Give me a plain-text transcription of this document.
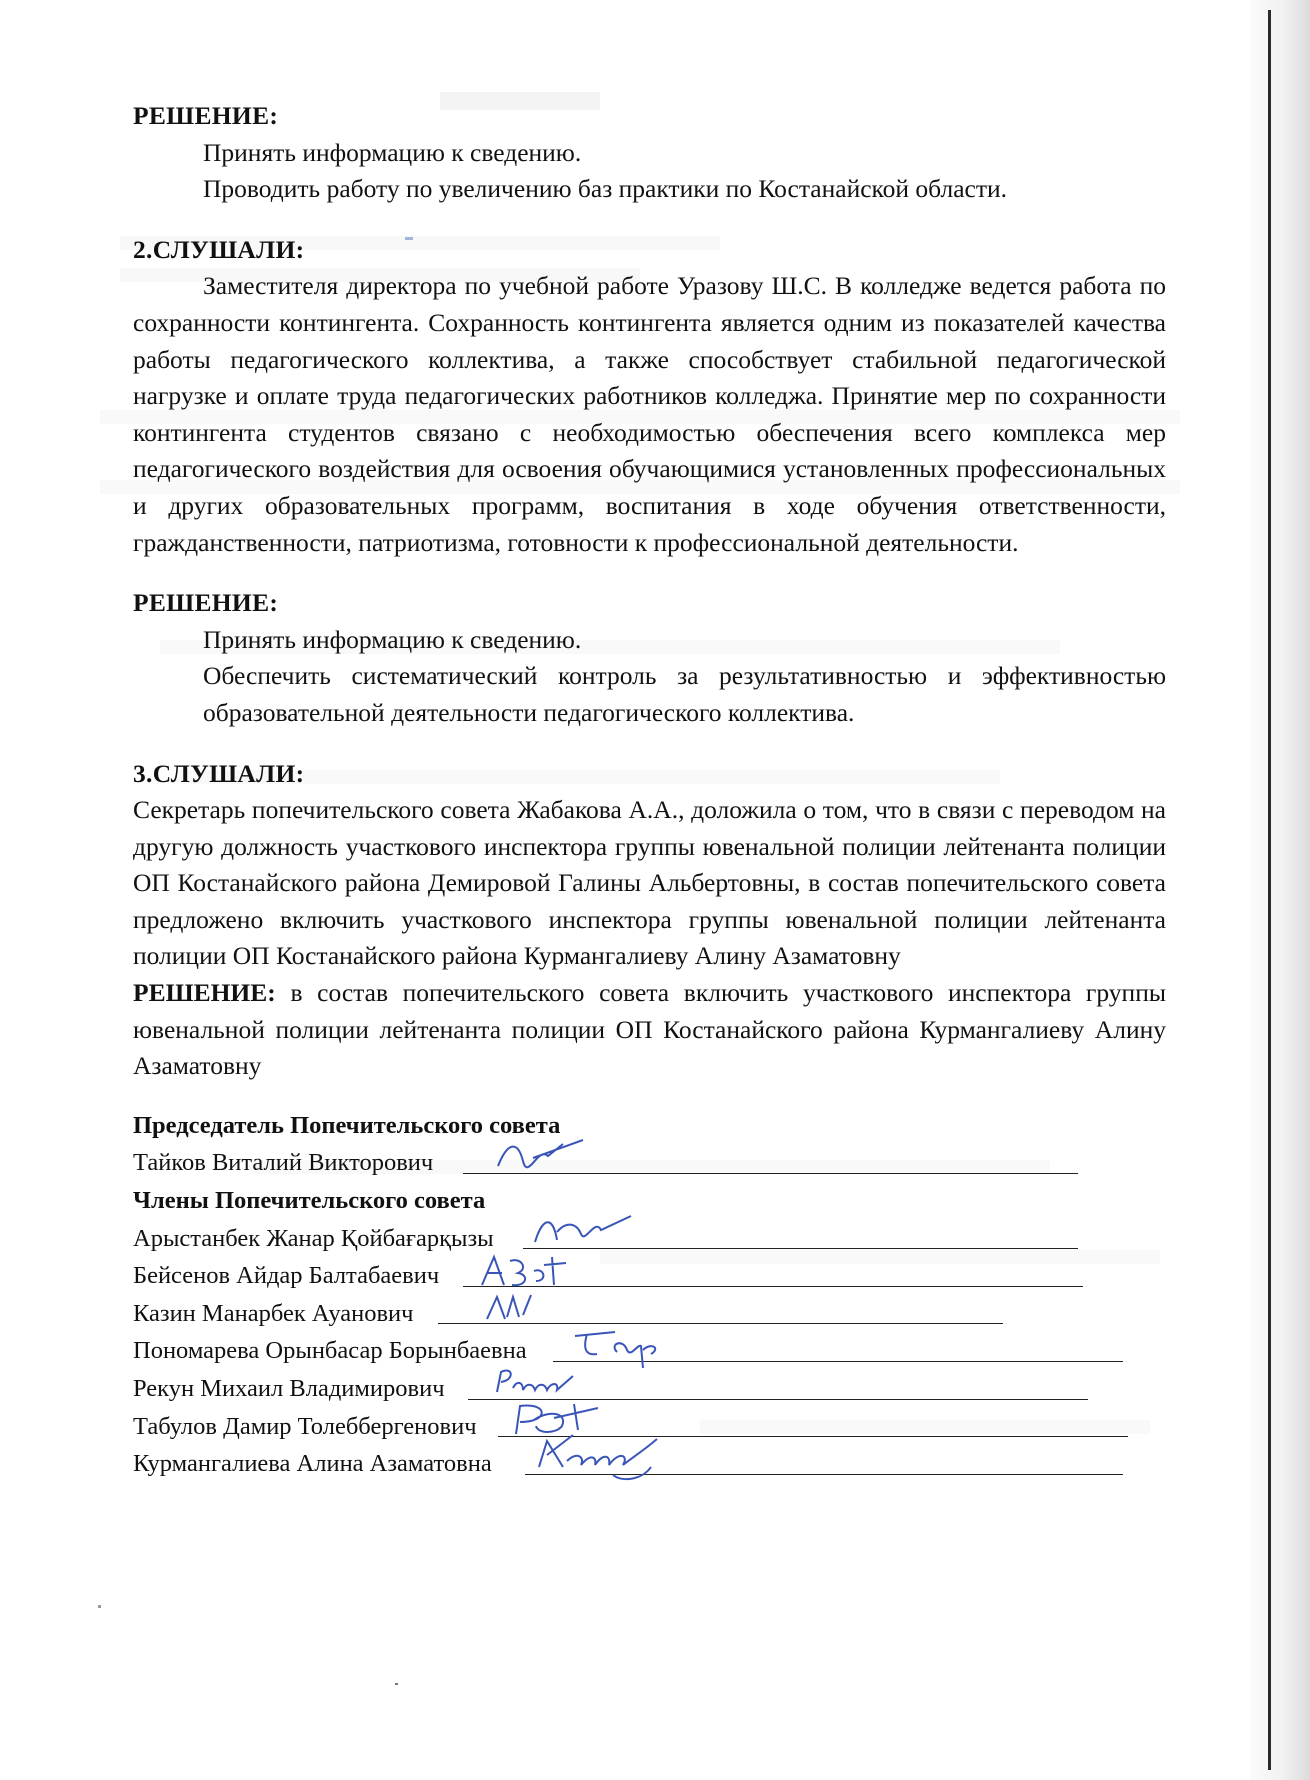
РЕШЕНИЕ:

Принять информацию к сведению.

Проводить работу по увеличению баз практики по Костанайской области.

2.СЛУШАЛИ:

Заместителя директора по учебной работе Уразову Ш.С. В колледже ведется работа по сохранности контингента. Сохранность контингента является одним из показателей качества работы педагогического коллектива, а также способствует стабильной педагогической нагрузке и оплате труда педагогических работников колледжа. Принятие мер по сохранности контингента студентов связано с необходимостью обеспечения всего комплекса мер педагогического воздействия для освоения обучающимися установленных профессиональных и других образовательных программ, воспитания в ходе обучения ответственности, гражданственности, патриотизма, готовности к профессиональной деятельности.

РЕШЕНИЕ:

Принять информацию к сведению.

Обеспечить систематический контроль за результативностью и эффективностью образовательной деятельности педагогического коллектива.

3.СЛУШАЛИ:

Секретарь попечительского совета Жабакова А.А., доложила о том, что в связи с переводом на другую должность участкового инспектора группы ювенальной полиции лейтенанта полиции ОП Костанайского района Демировой Галины Альбертовны, в состав попечительского совета предложено включить участкового инспектора группы ювенальной полиции лейтенанта полиции ОП Костанайского района Курмангалиеву Алину Азаматовну

РЕШЕНИЕ: в состав попечительского совета включить участкового инспектора группы ювенальной полиции лейтенанта полиции ОП Костанайского района Курмангалиеву Алину Азаматовну

Председатель Попечительского совета
Тайков Виталий Викторович
Члены Попечительского совета
Арыстанбек Жанар Қойбағарқызы
Бейсенов Айдар Балтабаевич
Казин Манарбек Ауанович
Пономарева Орынбасар Борынбаевна
Рекун Михаил Владимирович
Табулов Дамир Толеббергенович
Курмангалиева Алина Азаматовна
